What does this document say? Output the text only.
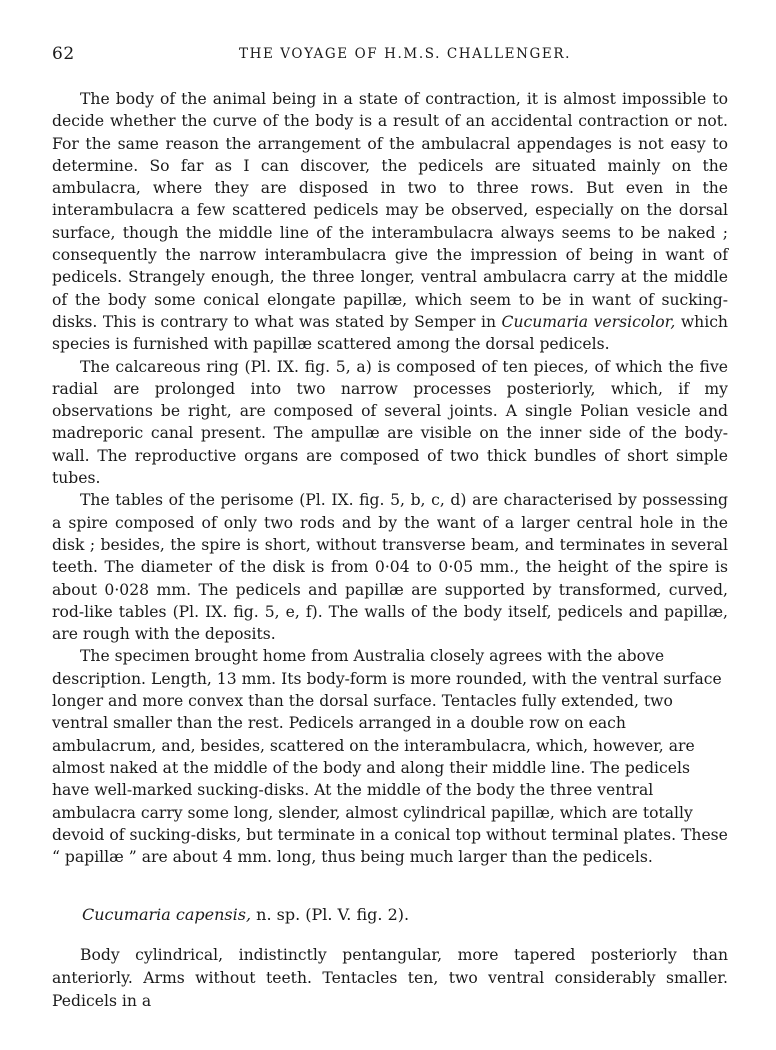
62	THE VOYAGE OF H.M.S. CHALLENGER.

The body of the animal being in a state of contraction, it is almost impossible to decide whether the curve of the body is a result of an accidental contraction or not. For the same reason the arrangement of the ambulacral appendages is not easy to determine. So far as I can discover, the pedicels are situated mainly on the ambulacra, where they are disposed in two to three rows. But even in the interambulacra a few scattered pedicels may be observed, especially on the dorsal surface, though the middle line of the interambulacra always seems to be naked ; consequently the narrow interambulacra give the impression of being in want of pedicels. Strangely enough, the three longer, ventral ambulacra carry at the middle of the body some conical elongate papillæ, which seem to be in want of sucking-disks. This is contrary to what was stated by Semper in Cucumaria versicolor, which species is furnished with papillæ scattered among the dorsal pedicels.

The calcareous ring (Pl. IX. fig. 5, a) is composed of ten pieces, of which the five radial are prolonged into two narrow processes posteriorly, which, if my observations be right, are composed of several joints. A single Polian vesicle and madreporic canal present. The ampullæ are visible on the inner side of the body-wall. The reproductive organs are composed of two thick bundles of short simple tubes.

The tables of the perisome (Pl. IX. fig. 5, b, c, d) are characterised by possessing a spire composed of only two rods and by the want of a larger central hole in the disk ; besides, the spire is short, without transverse beam, and terminates in several teeth. The diameter of the disk is from 0·04 to 0·05 mm., the height of the spire is about 0·028 mm. The pedicels and papillæ are supported by transformed, curved, rod-like tables (Pl. IX. fig. 5, e, f). The walls of the body itself, pedicels and papillæ, are rough with the deposits.

The specimen brought home from Australia closely agrees with the above description. Length, 13 mm. Its body-form is more rounded, with the ventral surface longer and more convex than the dorsal surface. Tentacles fully extended, two ventral smaller than the rest. Pedicels arranged in a double row on each ambulacrum, and, besides, scattered on the interambulacra, which, however, are almost naked at the middle of the body and along their middle line. The pedicels have well-marked sucking-disks. At the middle of the body the three ventral ambulacra carry some long, slender, almost cylindrical papillæ, which are totally devoid of sucking-disks, but terminate in a conical top without terminal plates. These “ papillæ ” are about 4 mm. long, thus being much larger than the pedicels.

Cucumaria capensis, n. sp. (Pl. V. fig. 2).

Body cylindrical, indistinctly pentangular, more tapered posteriorly than anteriorly. Arms without teeth. Tentacles ten, two ventral considerably smaller. Pedicels in a
